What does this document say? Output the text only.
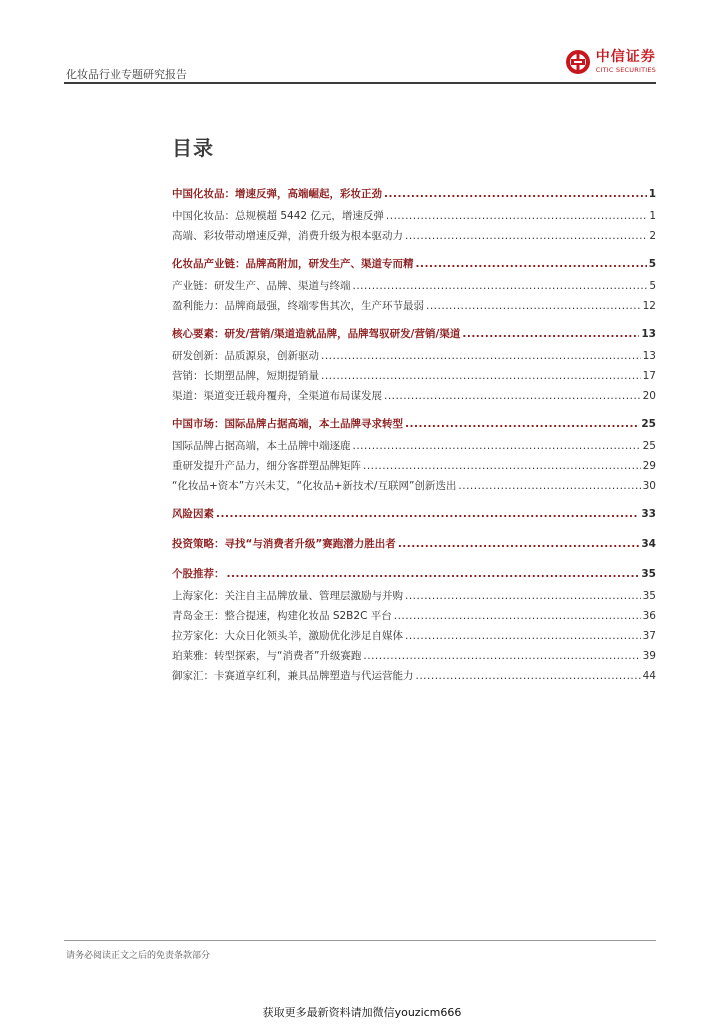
化妆品行业专题研究报告
中信证券
CITIC SECURITIES
目录
中国化妆品：增速反弹，高端崛起，彩妆正劲 .....	1
中国化妆品：总规模超 5442 亿元，增速反弹 .....	1
高端、彩妆带动增速反弹，消费升级为根本驱动力 .....	2
化妆品产业链：品牌高附加，研发生产、渠道专而精 .....	5
产业链：研发生产、品牌、渠道与终端 .....	5
盈利能力：品牌商最强，终端零售其次，生产环节最弱 .....	12
核心要素：研发/营销/渠道造就品牌，品牌驾驭研发/营销/渠道 .....	13
研发创新：品质源泉，创新驱动 .....	13
营销：长期塑品牌，短期提销量 .....	17
渠道：渠道变迁载舟覆舟，全渠道布局谋发展 .....	20
中国市场：国际品牌占据高端，本土品牌寻求转型 .....	25
国际品牌占据高端，本土品牌中端逐鹿 .....	25
重研发提升产品力，细分客群塑品牌矩阵 .....	29
“化妆品+资本”方兴未艾，“化妆品+新技术/互联网”创新迭出 .....	30
风险因素 .....	33
投资策略：寻找“与消费者升级”赛跑潜力胜出者 .....	34
个股推荐： .....	35
上海家化：关注自主品牌放量、管理层激励与并购 .....	35
青岛金王：整合提速，构建化妆品 S2B2C 平台 .....	36
拉芳家化：大众日化领头羊，激励优化涉足自媒体 .....	37
珀莱雅：转型探索，与“消费者”升级赛跑 .....	39
御家汇：卡赛道享红利，兼具品牌塑造与代运营能力 .....	44
请务必阅读正文之后的免责条款部分
获取更多最新资料请加微信youzicm666
